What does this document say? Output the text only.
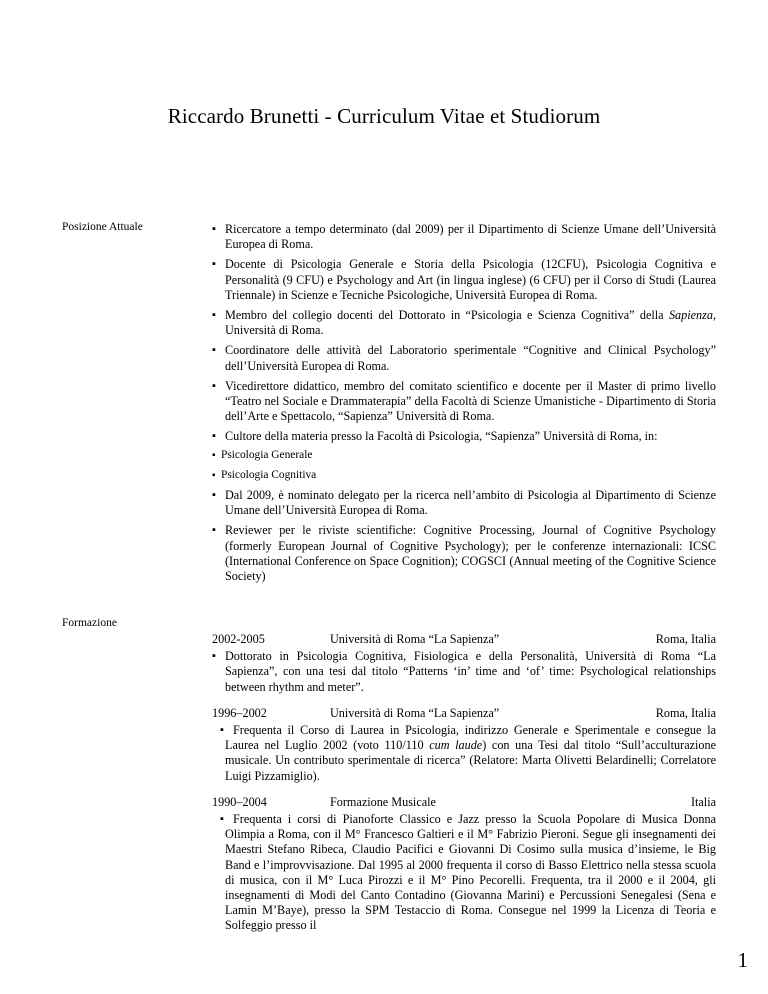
Riccardo Brunetti - Curriculum Vitae et Studiorum
Posizione Attuale
▪	Ricercatore a tempo determinato (dal 2009) per il Dipartimento di Scienze Umane dell’Università Europea di Roma.
▪ Docente di Psicologia Generale e Storia della Psicologia (12CFU), Psicologia Cognitiva e Personalità (9 CFU) e Psychology and Art (in lingua inglese) (6 CFU) per il Corso di Studi (Laurea Triennale) in Scienze e Tecniche Psicologiche, Università Europea di Roma.
▪ Membro del collegio docenti del Dottorato in “Psicologia e Scienza Cognitiva” della Sapienza, Università di Roma.
▪ Coordinatore delle attività del Laboratorio sperimentale “Cognitive and Clinical Psychology” dell’Università Europea di Roma.
▪ Vicedirettore didattico, membro del comitato scientifico e docente per il Master di primo livello “Teatro nel Sociale e Drammaterapia” della Facoltà di Scienze Umanistiche - Dipartimento di Storia dell’Arte e Spettacolo, “Sapienza” Università di Roma.
▪ Cultore della materia presso la Facoltà di Psicologia, “Sapienza” Università di Roma, in:
▪ Psicologia Generale
▪ Psicologia Cognitiva
▪ Dal 2009, è nominato delegato per la ricerca nell’ambito di Psicologia al Dipartimento di Scienze Umane dell’Università Europea di Roma.
▪ Reviewer per le riviste scientifiche: Cognitive Processing, Journal of Cognitive Psychology (formerly European Journal of Cognitive Psychology); per le conferenze internazionali: ICSC (International Conference on Space Cognition); COGSCI (Annual meeting of the Cognitive Science Society)
Formazione
2002-2005	Università di Roma “La Sapienza”	Roma, Italia
▪ Dottorato in Psicologia Cognitiva, Fisiologica e della Personalità, Università di Roma “La Sapienza”, con una tesi dal titolo “Patterns ‘in’ time and ‘of’ time: Psychological relationships between rhythm and meter”.
1996–2002	Università di Roma “La Sapienza”	Roma, Italia
▪ Frequenta il Corso di Laurea in Psicologia, indirizzo Generale e Sperimentale e consegue la Laurea nel Luglio 2002 (voto 110/110 cum laude) con una Tesi dal titolo “Sull’acculturazione musicale. Un contributo sperimentale di ricerca” (Relatore: Marta Olivetti Belardinelli; Correlatore Luigi Pizzamiglio).
1990–2004	Formazione Musicale	Italia
▪ Frequenta i corsi di Pianoforte Classico e Jazz presso la Scuola Popolare di Musica Donna Olimpia a Roma, con il M° Francesco Galtieri e il M° Fabrizio Pieroni. Segue gli insegnamenti dei Maestri Stefano Ribeca, Claudio Pacifici e Giovanni Di Cosimo sulla musica d’insieme, le Big Band e l’improvvisazione. Dal 1995 al 2000 frequenta il corso di Basso Elettrico nella stessa scuola di musica, con il M° Luca Pirozzi e il M° Pino Pecorelli. Frequenta, tra il 2000 e il 2004, gli insegnamenti di Modi del Canto Contadino (Giovanna Marini) e Percussioni Senegalesi (Sena e Lamin M’Baye), presso la SPM Testaccio di Roma. Consegue nel 1999 la Licenza di Teoria e Solfeggio presso il
1
